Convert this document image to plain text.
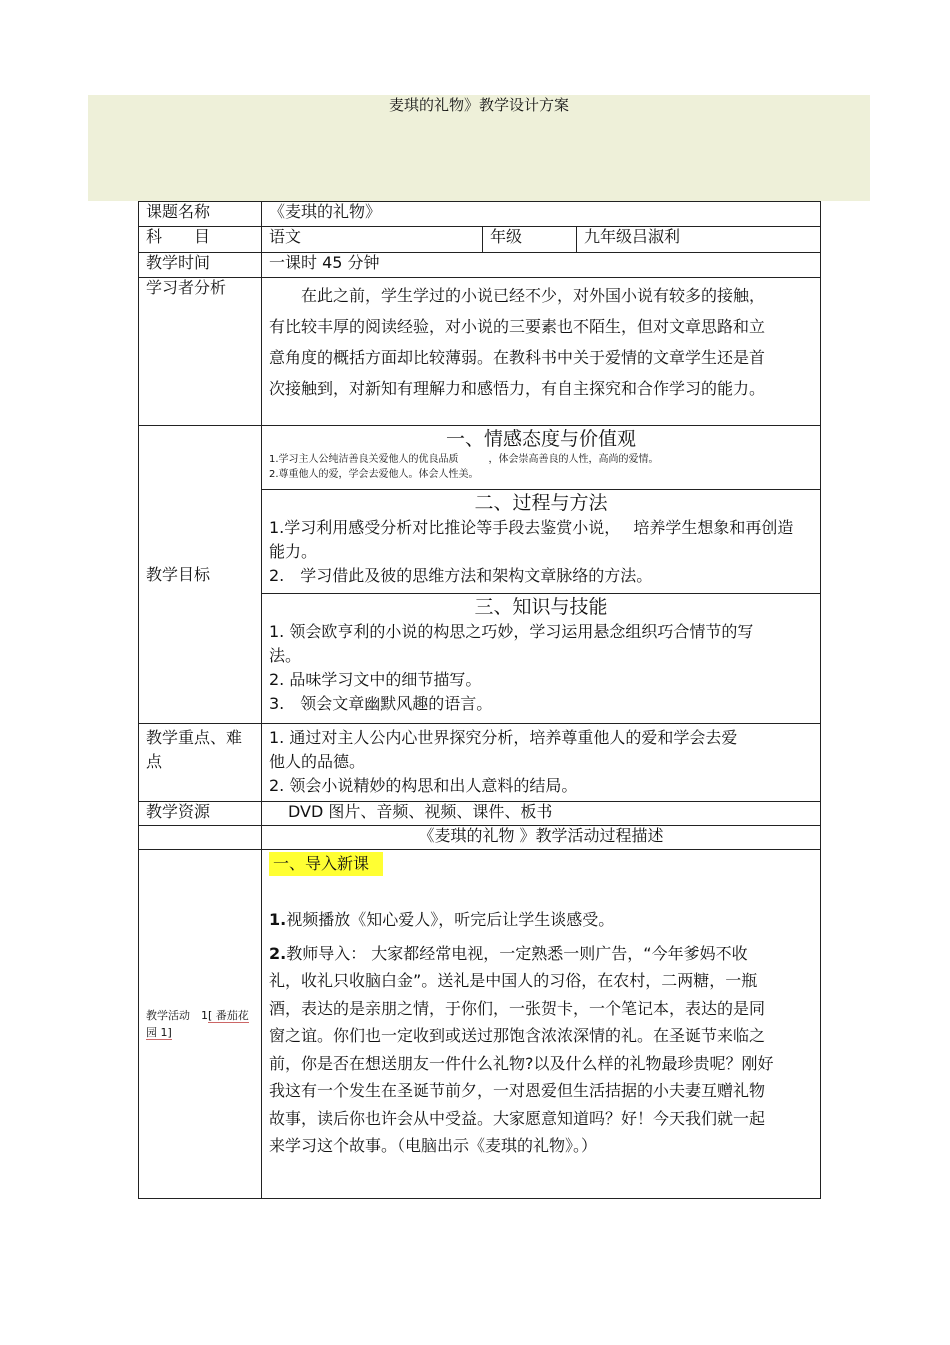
麦琪的礼物》教学设计方案
课题名称	《麦琪的礼物》		
科　　目	语文	年级	九年级吕淑利
教学时间	一课时 45 分钟		
学习者分析	在此之前，学生学过的小说已经不少，对外国小说有较多的接触，有比较丰厚的阅读经验，对小说的三要素也不陌生，但对文章思路和立意角度的概括方面却比较薄弱。在教科书中关于爱情的文章学生还是首次接触到，对新知有理解力和感悟力，有自主探究和合作学习的能力。		

教学目标	一、情感态度与价值观
1.学习主人公纯洁善良关爱他人的优良品质　　　，体会崇高善良的人性，高尚的爱情。
2.尊重他人的爱，学会去爱他人。体会人性美。		

	二、过程与方法
1.学习利用感受分析对比推论等手段去鉴赏小说，　 培养学生想象和再创造能力。
2.　学习借此及彼的思维方法和架构文章脉络的方法。		

	三、知识与技能
1. 领会欧亨利的小说的构思之巧妙，学习运用悬念组织巧合情节的写法。
2. 品味学习文中的细节描写。
3.　领会文章幽默风趣的语言。		

教学重点、难点	1. 通过对主人公内心世界探究分析，培养尊重他人的爱和学会去爱他人的品德。
2. 领会小说精妙的构思和出人意料的结局。		

教学资源	DVD 图片、音频、视频、课件、板书		
	《麦琪的礼物 》教学活动过程描述		

教学活动　1[ 番茄花园 1]	一、导入新课
1.视频播放《知心爱人》，听完后让学生谈感受。
2.教师导入： 大家都经常电视，一定熟悉一则广告，“今年爹妈不收礼，收礼只收脑白金”。送礼是中国人的习俗，在农村，二两糖，一瓶酒，表达的是亲朋之情，于你们，一张贺卡，一个笔记本，表达的是同窗之谊。你们也一定收到或送过那饱含浓浓深情的礼。在圣诞节来临之前，你是否在想送朋友一件什么礼物?以及什么样的礼物最珍贵呢？刚好我这有一个发生在圣诞节前夕，一对恩爱但生活拮据的小夫妻互赠礼物故事，读后你也许会从中受益。大家愿意知道吗？好！今天我们就一起来学习这个故事。（电脑出示《麦琪的礼物》。）		
